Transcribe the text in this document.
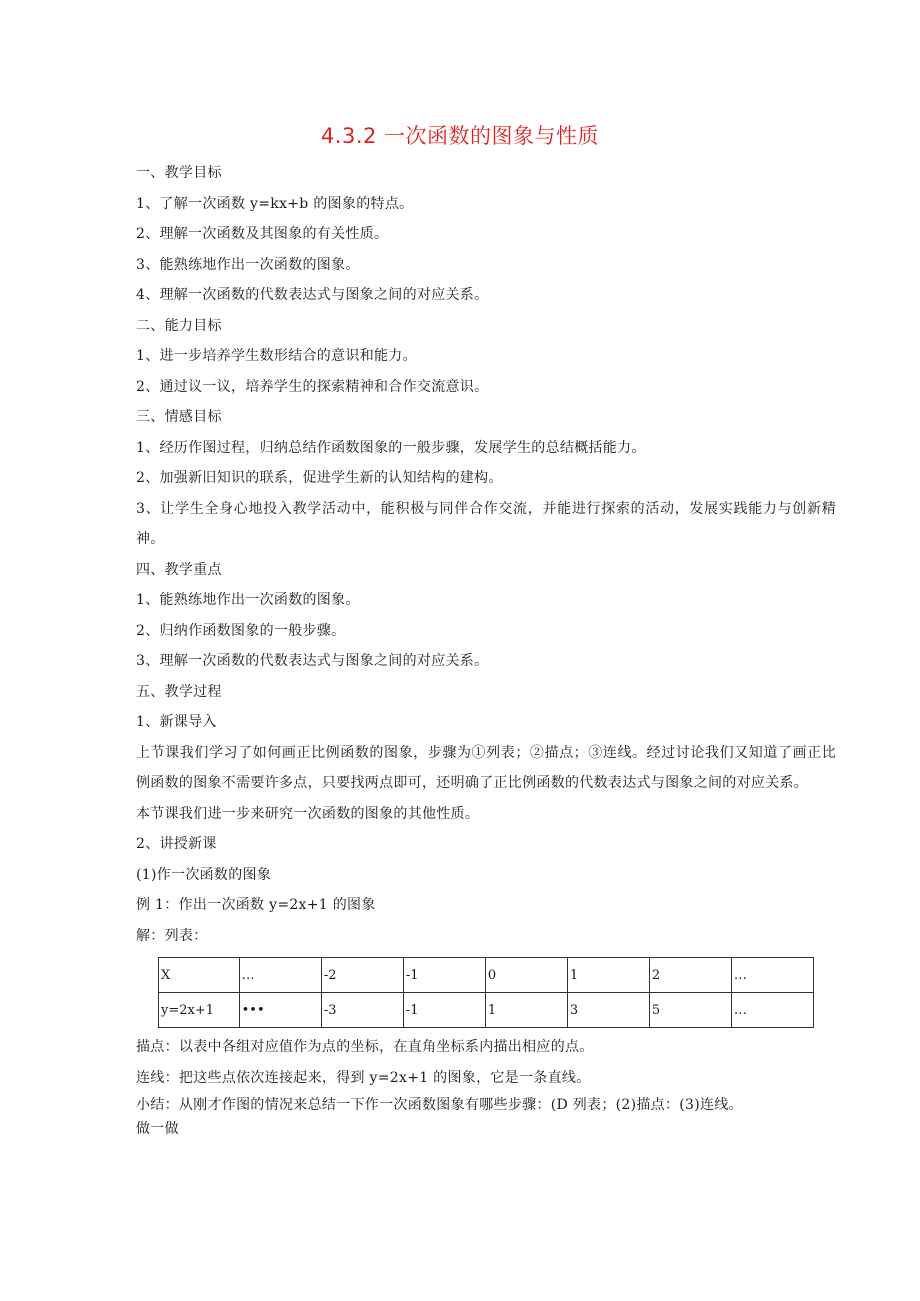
4.3.2 一次函数的图象与性质
一、教学目标
1、了解一次函数 y=kx+b 的图象的特点。
2、理解一次函数及其图象的有关性质。
3、能熟练地作出一次函数的图象。
4、理解一次函数的代数表达式与图象之间的对应关系。
二、能力目标
1、进一步培养学生数形结合的意识和能力。
2、通过议一议，培养学生的探索精神和合作交流意识。
三、情感目标
1、经历作图过程，归纳总结作函数图象的一般步骤，发展学生的总结概括能力。
2、加强新旧知识的联系，促进学生新的认知结构的建构。
3、让学生全身心地投入教学活动中，能积极与同伴合作交流，并能进行探索的活动，发展实践能力与创新精神。
四、教学重点
1、能熟练地作出一次函数的图象。
2、归纳作函数图象的一般步骤。
3、理解一次函数的代数表达式与图象之间的对应关系。
五、教学过程
1、新课导入
上节课我们学习了如何画正比例函数的图象，步骤为①列表；②描点；③连线。经过讨论我们又知道了画正比例函数的图象不需要许多点，只要找两点即可，还明确了正比例函数的代数表达式与图象之间的对应关系。
本节课我们进一步来研究一次函数的图象的其他性质。
2、讲授新课
(1)作一次函数的图象
例 1：作出一次函数 y=2x+1 的图象
解：列表：
X	…	-2	-1	0	1	2	…
y=2x+1	•••	-3	-1	1	3	5	…
描点：以表中各组对应值作为点的坐标，在直角坐标系内描出相应的点。
连线：把这些点依次连接起来，得到 y=2x+1 的图象，它是一条直线。
小结：从刚才作图的情况来总结一下作一次函数图象有哪些步骤：(D 列表；(2)描点：(3)连线。
做一做
